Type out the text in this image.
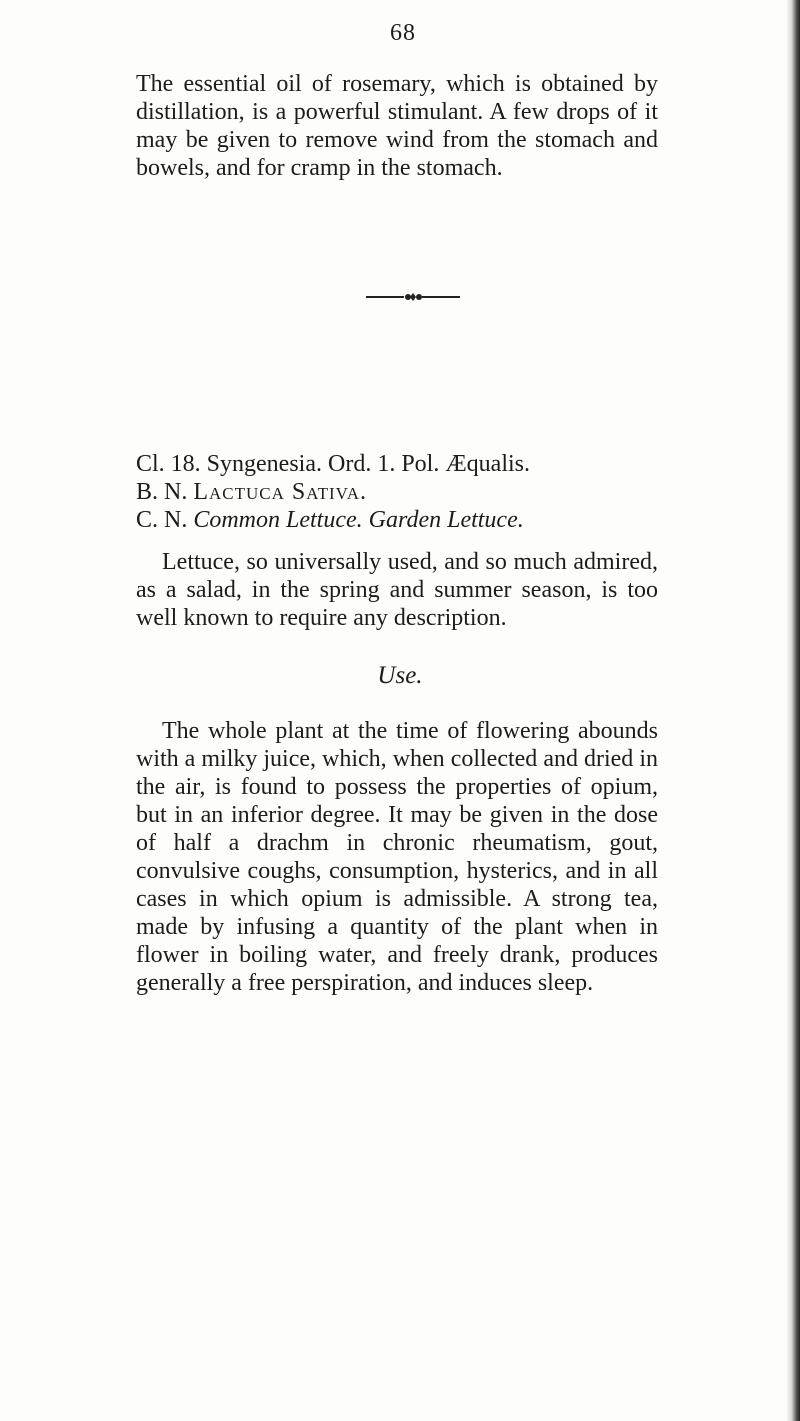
68

The essential oil of rosemary, which is obtained by distillation, is a powerful stimulant. A few drops of it may be given to remove wind from the stomach and bowels, and for cramp in the stomach.

Cl. 18. Syngenesia. Ord. 1. Pol. Æqualis.
B. N. Lactuca Sativa.
C. N. Common Lettuce. Garden Lettuce.

Lettuce, so universally used, and so much admired, as a salad, in the spring and summer season, is too well known to require any description.

Use.

The whole plant at the time of flowering abounds with a milky juice, which, when collected and dried in the air, is found to possess the properties of opium, but in an inferior degree. It may be given in the dose of half a drachm in chronic rheumatism, gout, convulsive coughs, consumption, hysterics, and in all cases in which opium is admissible. A strong tea, made by infusing a quantity of the plant when in flower in boiling water, and freely drank, produces generally a free perspiration, and induces sleep.
